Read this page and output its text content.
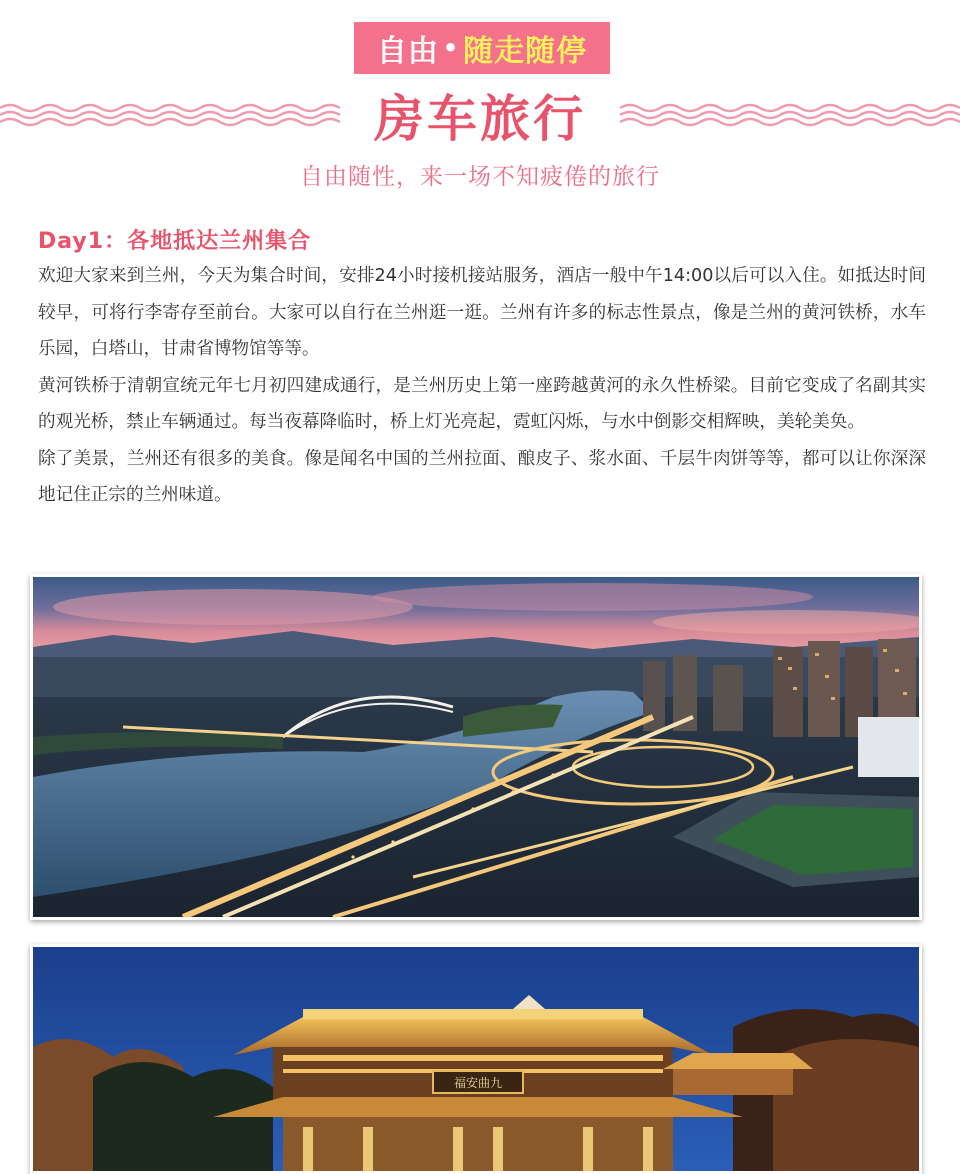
自由 • 随走随停
房车旅行
自由随性，来一场不知疲倦的旅行
Day1：各地抵达兰州集合

欢迎大家来到兰州，今天为集合时间，安排24小时接机接站服务，酒店一般中午14:00以后可以入住。如抵达时间较早，可将行李寄存至前台。大家可以自行在兰州逛一逛。兰州有许多的标志性景点，像是兰州的黄河铁桥，水车乐园，白塔山，甘肃省博物馆等等。

黄河铁桥于清朝宣统元年七月初四建成通行，是兰州历史上第一座跨越黄河的永久性桥梁。目前它变成了名副其实的观光桥，禁止车辆通过。每当夜幕降临时，桥上灯光亮起，霓虹闪烁，与水中倒影交相辉映，美轮美奂。

除了美景，兰州还有很多的美食。像是闻名中国的兰州拉面、酿皮子、浆水面、千层牛肉饼等等，都可以让你深深地记住正宗的兰州味道。

福安曲九
